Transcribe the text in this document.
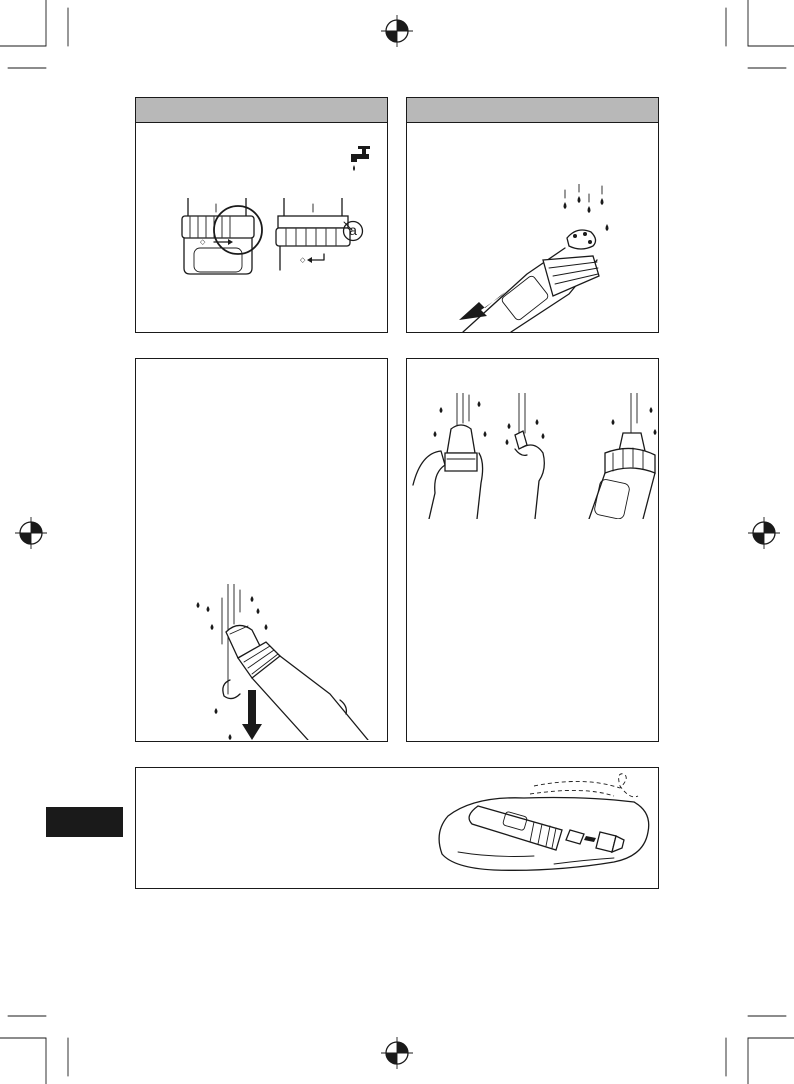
◇
◇
a
